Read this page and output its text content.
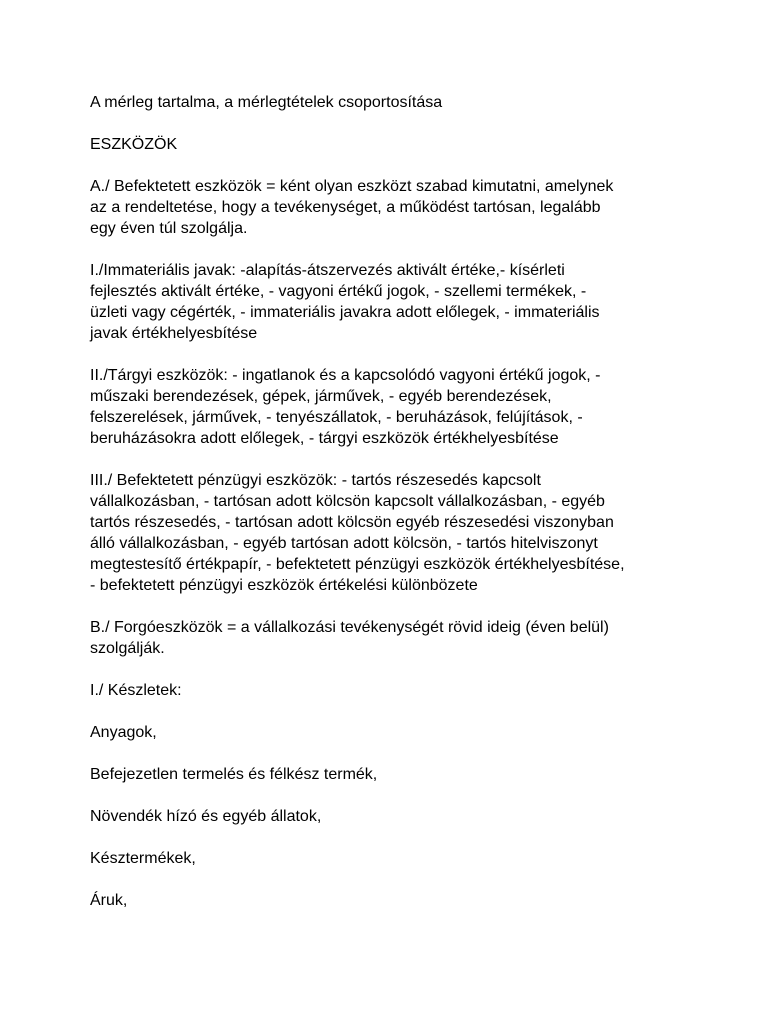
A mérleg tartalma, a mérlegtételek csoportosítása

ESZKÖZÖK

A./ Befektetett eszközök = ként olyan eszközt szabad kimutatni, amelynek
az a rendeltetése, hogy a tevékenységet, a működést tartósan, legalább
egy éven túl szolgálja.

I./Immateriális javak: -alapítás-átszervezés aktivált értéke,- kísérleti
fejlesztés aktivált értéke, - vagyoni értékű jogok, - szellemi termékek, -
üzleti vagy cégérték, - immateriális javakra adott előlegek, - immateriális
javak értékhelyesbítése

II./Tárgyi eszközök: - ingatlanok és a kapcsolódó vagyoni értékű jogok, -
műszaki berendezések, gépek, járművek, - egyéb berendezések,
felszerelések, járművek, - tenyészállatok, - beruházások, felújítások, -
beruházásokra adott előlegek, - tárgyi eszközök értékhelyesbítése

III./ Befektetett pénzügyi eszközök: - tartós részesedés kapcsolt
vállalkozásban, - tartósan adott kölcsön kapcsolt vállalkozásban, - egyéb
tartós részesedés, - tartósan adott kölcsön egyéb részesedési viszonyban
álló vállalkozásban, - egyéb tartósan adott kölcsön, - tartós hitelviszonyt
megtestesítő értékpapír, - befektetett pénzügyi eszközök értékhelyesbítése,
- befektetett pénzügyi eszközök értékelési különbözete

B./ Forgóeszközök = a vállalkozási tevékenységét rövid ideig (éven belül)
szolgálják.

I./ Készletek:

Anyagok,

Befejezetlen termelés és félkész termék,

Növendék hízó és egyéb állatok,

Késztermékek,

Áruk,
